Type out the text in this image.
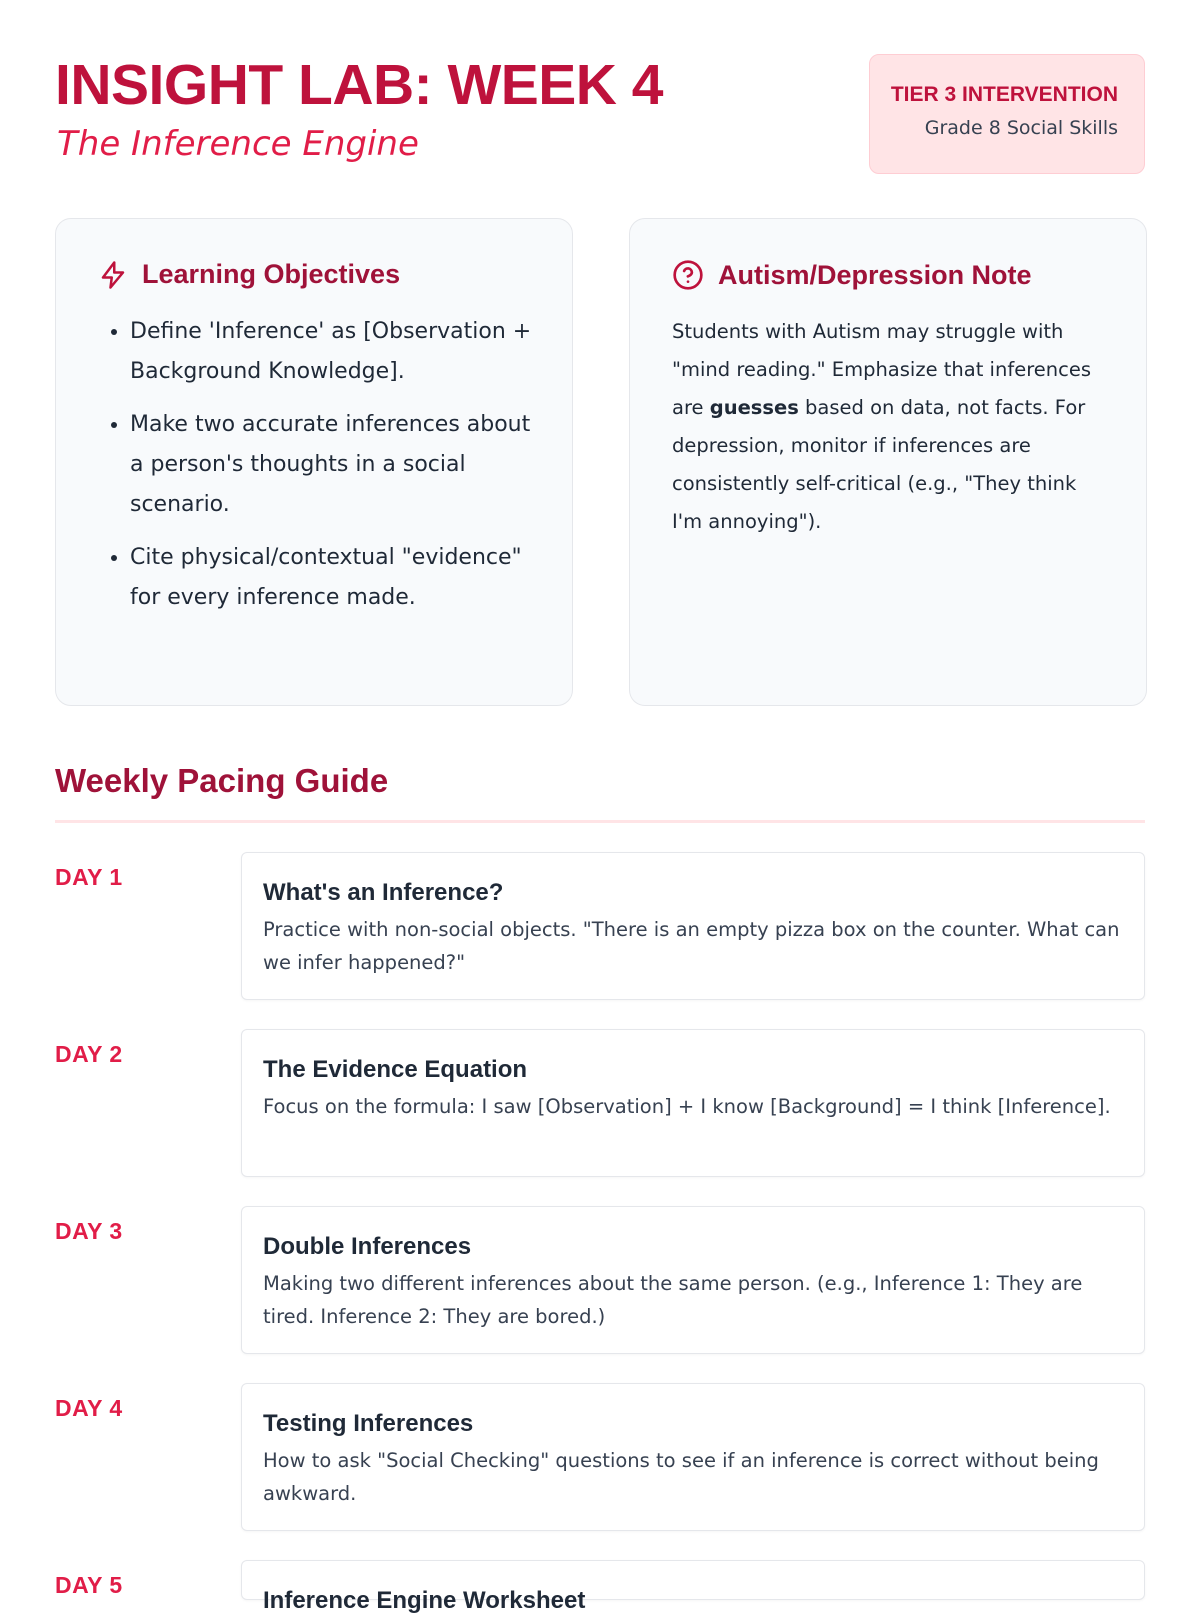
INSIGHT LAB: WEEK 4
The Inference Engine
TIER 3 INTERVENTION
Grade 8 Social Skills
Learning Objectives
• Define 'Inference' as [Observation + Background Knowledge].
• Make two accurate inferences about a person's thoughts in a social scenario.
• Cite physical/contextual "evidence" for every inference made.
Autism/Depression Note

Students with Autism may struggle with "mind reading." Emphasize that inferences are guesses based on data, not facts. For depression, monitor if inferences are consistently self-critical (e.g., "They think I'm annoying").

Weekly Pacing Guide
DAY 1
What's an Inference?
Practice with non-social objects. "There is an empty pizza box on the counter. What can we infer happened?"
DAY 2
The Evidence Equation
Focus on the formula: I saw [Observation] + I know [Background] = I think [Inference].
DAY 3
Double Inferences
Making two different inferences about the same person. (e.g., Inference 1: They are tired. Inference 2: They are bored.)
DAY 4
Testing Inferences
How to ask "Social Checking" questions to see if an inference is correct without being awkward.
DAY 5
Inference Engine Worksheet
